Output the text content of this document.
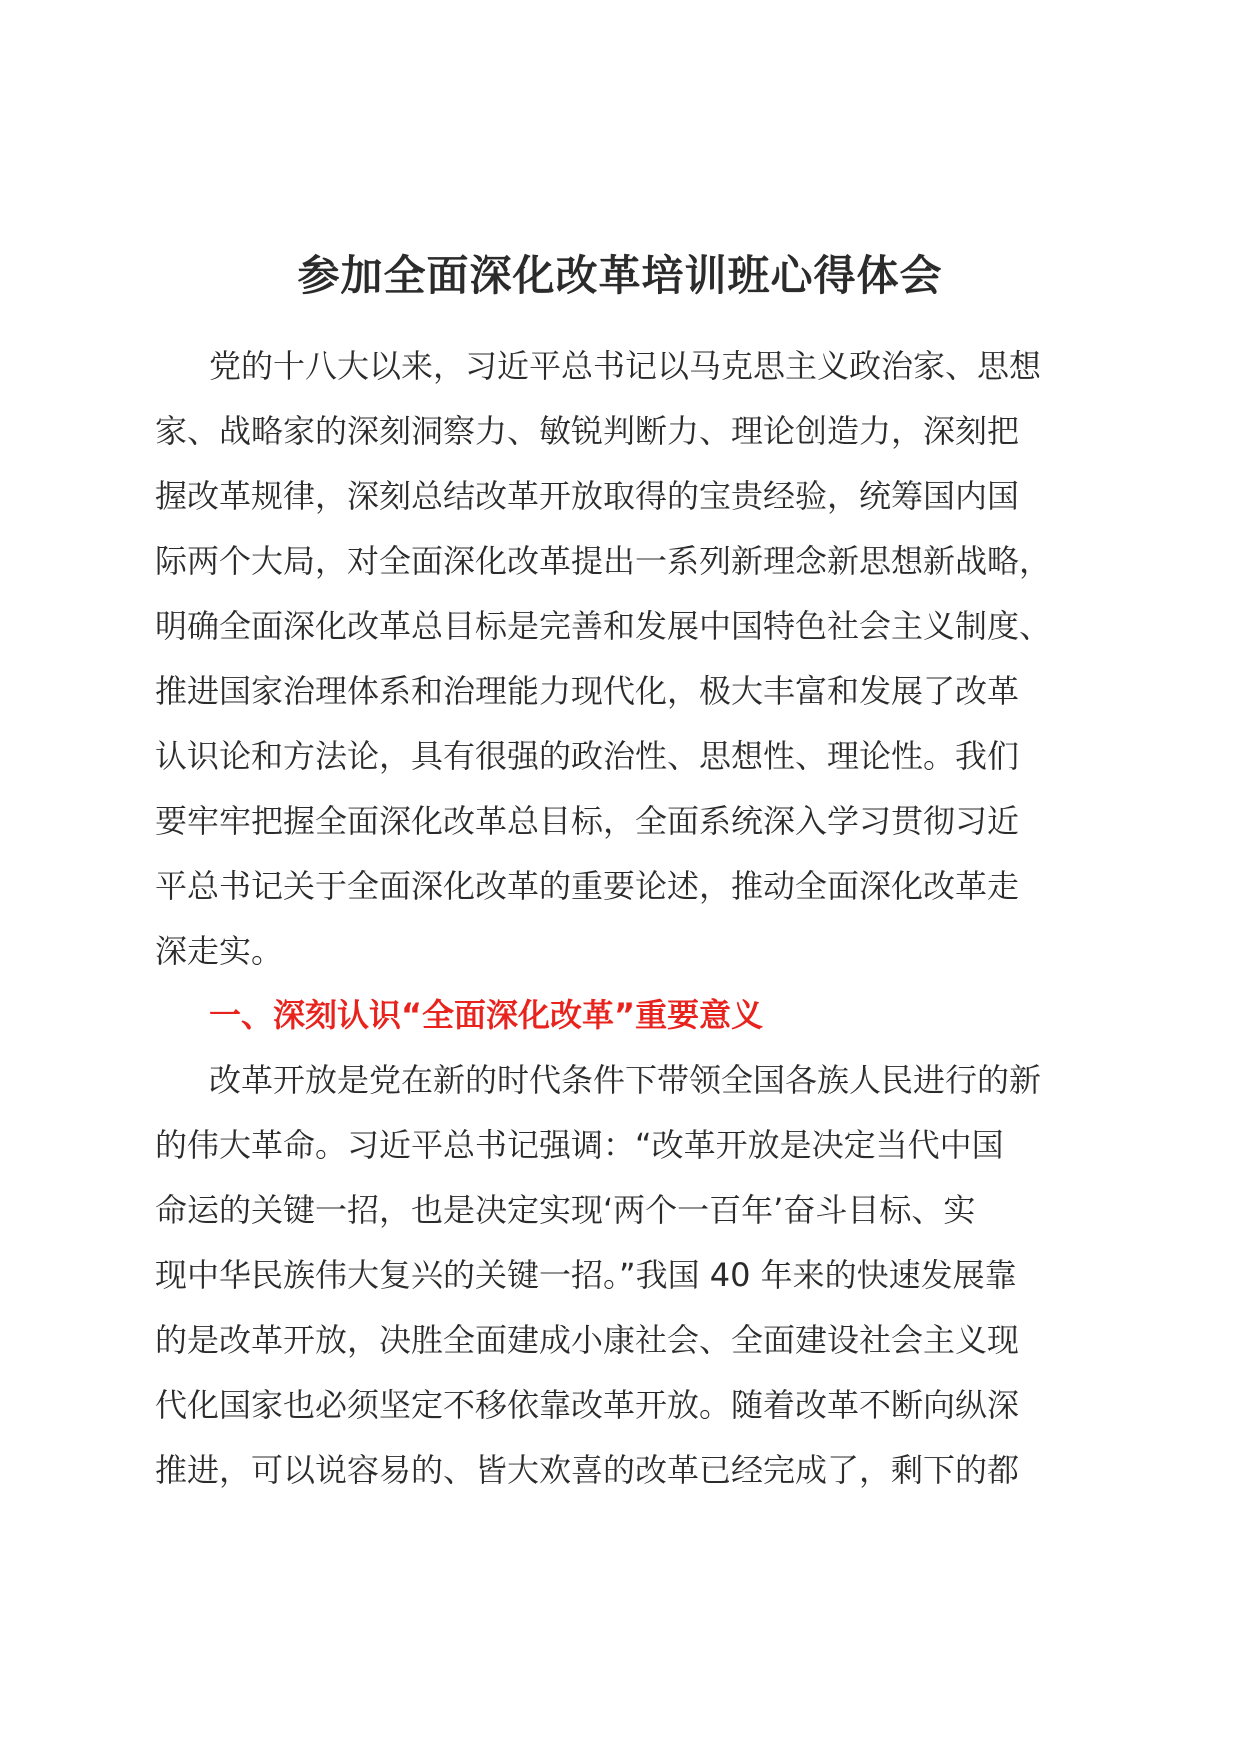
参加全面深化改革培训班心得体会
党的十八大以来，习近平总书记以马克思主义政治家、思想
家、战略家的深刻洞察力、敏锐判断力、理论创造力，深刻把
握改革规律，深刻总结改革开放取得的宝贵经验，统筹国内国
际两个大局，对全面深化改革提出一系列新理念新思想新战略，
明确全面深化改革总目标是完善和发展中国特色社会主义制度、
推进国家治理体系和治理能力现代化，极大丰富和发展了改革
认识论和方法论，具有很强的政治性、思想性、理论性。我们
要牢牢把握全面深化改革总目标，全面系统深入学习贯彻习近
平总书记关于全面深化改革的重要论述，推动全面深化改革走
深走实。
一、深刻认识“全面深化改革”重要意义
改革开放是党在新的时代条件下带领全国各族人民进行的新
的伟大革命。习近平总书记强调：“改革开放是决定当代中国
命运的关键一招，也是决定实现‘两个一百年’奋斗目标、实
现中华民族伟大复兴的关键一招。”我国 40 年来的快速发展靠
的是改革开放，决胜全面建成小康社会、全面建设社会主义现
代化国家也必须坚定不移依靠改革开放。随着改革不断向纵深
推进，可以说容易的、皆大欢喜的改革已经完成了，剩下的都
